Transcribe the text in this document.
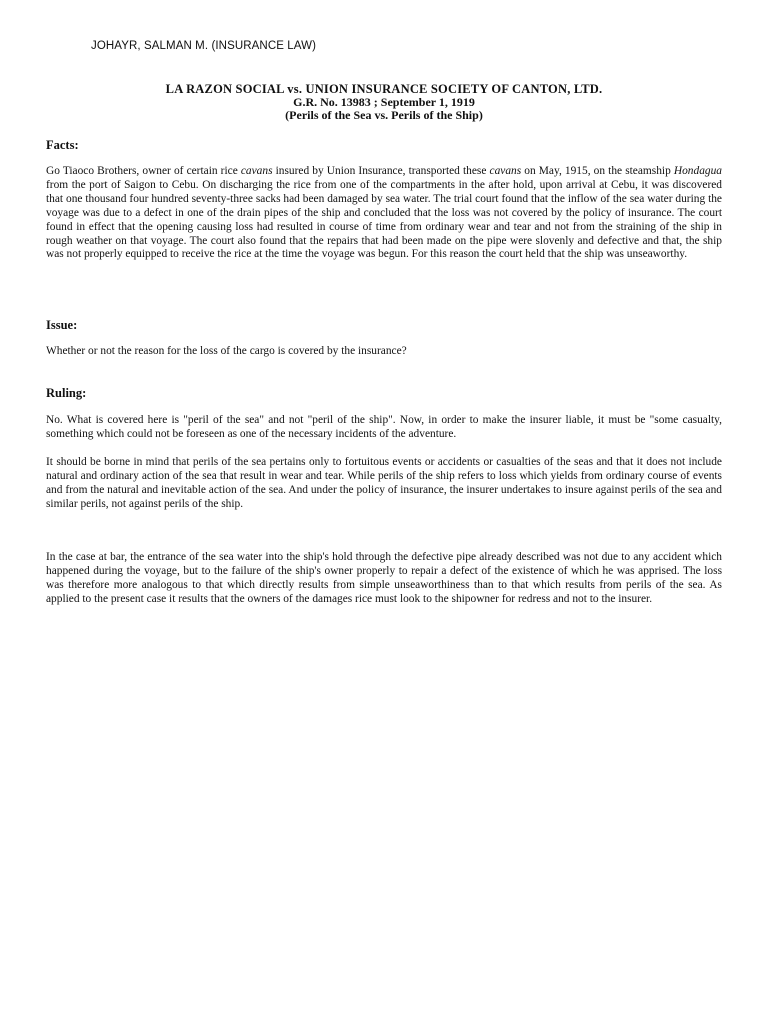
JOHAYR, SALMAN M. (INSURANCE LAW)
LA RAZON SOCIAL vs. UNION INSURANCE SOCIETY OF CANTON, LTD.
G.R. No. 13983 ; September 1, 1919
(Perils of the Sea vs. Perils of the Ship)
Facts:

Go Tiaoco Brothers, owner of certain rice cavans insured by Union Insurance, transported these cavans on May, 1915, on the steamship Hondagua from the port of Saigon to Cebu. On discharging the rice from one of the compartments in the after hold, upon arrival at Cebu, it was discovered that one thousand four hundred seventy-three sacks had been damaged by sea water. The trial court found that the inflow of the sea water during the voyage was due to a defect in one of the drain pipes of the ship and concluded that the loss was not covered by the policy of insurance. The court found in effect that the opening causing loss had resulted in course of time from ordinary wear and tear and not from the straining of the ship in rough weather on that voyage. The court also found that the repairs that had been made on the pipe were slovenly and defective and that, the ship was not properly equipped to receive the rice at the time the voyage was begun. For this reason the court held that the ship was unseaworthy.

Issue:

Whether or not the reason for the loss of the cargo is covered by the insurance?

Ruling:

No. What is covered here is "peril of the sea" and not "peril of the ship". Now, in order to make the insurer liable, it must be "some casualty, something which could not be foreseen as one of the necessary incidents of the adventure.

It should be borne in mind that perils of the sea pertains only to fortuitous events or accidents or casualties of the seas and that it does not include natural and ordinary action of the sea that result in wear and tear. While perils of the ship refers to loss which yields from ordinary course of events and from the natural and inevitable action of the sea. And under the policy of insurance, the insurer undertakes to insure against perils of the sea and similar perils, not against perils of the ship.

In the case at bar, the entrance of the sea water into the ship's hold through the defective pipe already described was not due to any accident which happened during the voyage, but to the failure of the ship's owner properly to repair a defect of the existence of which he was apprised. The loss was therefore more analogous to that which directly results from simple unseaworthiness than to that which results from perils of the sea. As applied to the present case it results that the owners of the damages rice must look to the shipowner for redress and not to the insurer.
